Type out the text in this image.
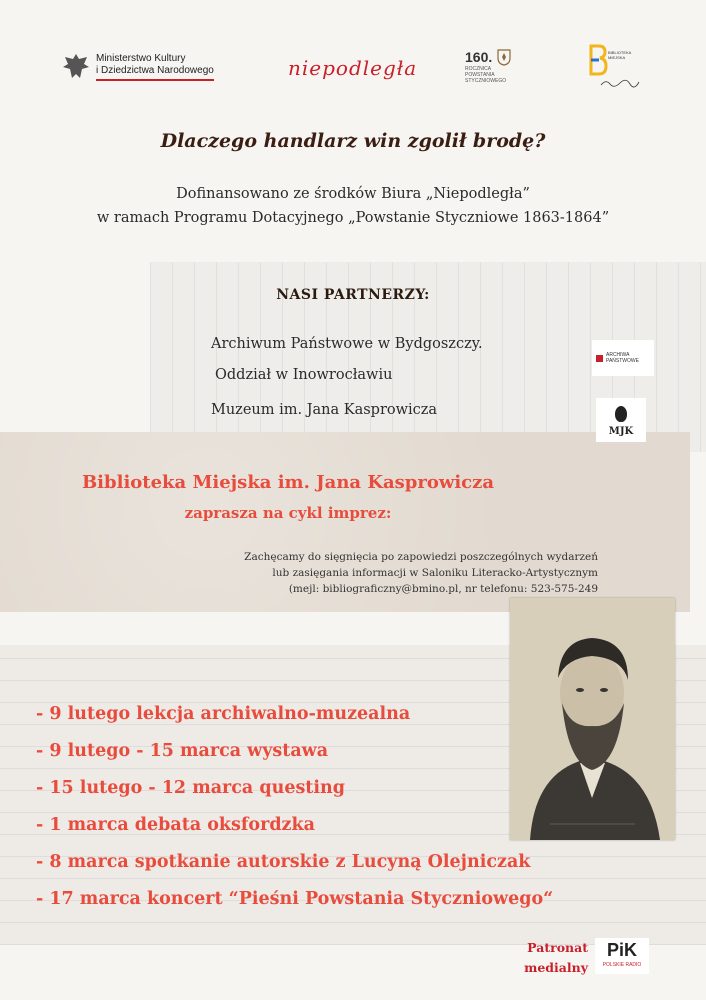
Ministerstwo Kultury
i Dziedzictwa Narodowego	niepodległa	160.
ROCZNICA
POWSTANIA
STYCZNIOWEGO
BIBLIOTEKA
MIEJSKA
Dlaczego handlarz win zgolił brodę?
Dofinansowano ze środków Biura „Niepodległa”
w ramach Programu Dotacyjnego „Powstanie Styczniowe 1863-1864”
NASI PARTNERZY:
Archiwum Państwowe w Bydgoszczy.
Oddział w Inowrocławiu
Muzeum im. Jana Kasprowicza
ARCHIWA
PAŃSTWOWE
MJK
Biblioteka Miejska im. Jana Kasprowicza
zaprasza na cykl imprez:
Zachęcamy do sięgnięcia po zapowiedzi poszczególnych wydarzeń
lub zasięgania informacji w Saloniku Literacko-Artystycznym
(mejl: bibliograficzny@bmino.pl, nr telefonu: 523-575-249
- 9 lutego lekcja archiwalno-muzealna
- 9 lutego - 15 marca wystawa
- 15 lutego - 12 marca questing
- 1 marca debata oksfordzka
- 8 marca spotkanie autorskie z Lucyną Olejniczak
- 17 marca koncert “Pieśni Powstania Styczniowego“
Patronat
medialny
PiK
POLSKIE RADIO
